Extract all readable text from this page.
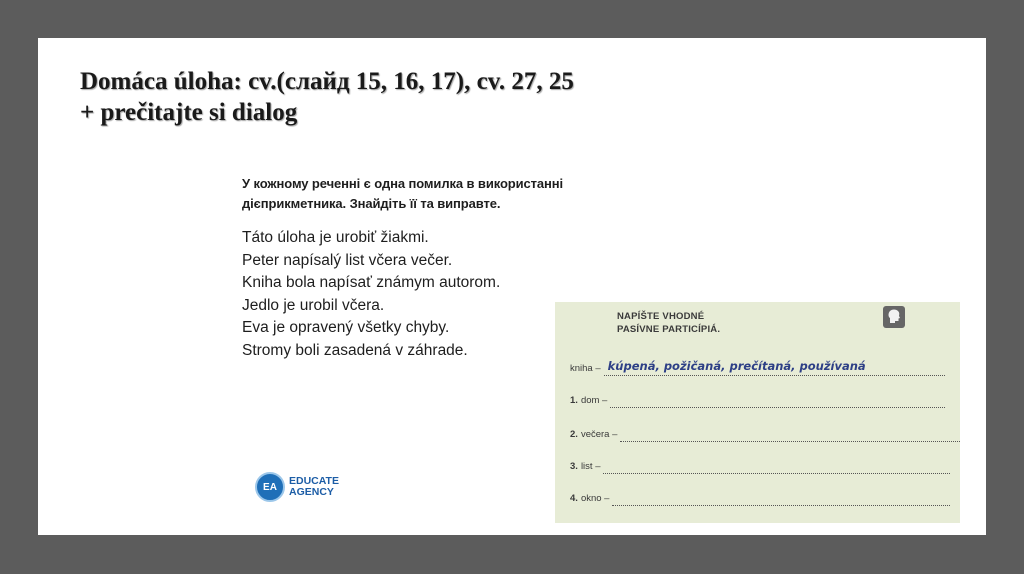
Domáca úloha: cv.(слайд 15, 16, 17), cv. 27, 25
+ prečitajte si dialog

У кожному реченні є одна помилка в використанні
дієприкметника. Знайдіть її та виправте.

Táto úloha je urobiť žiakmi.
Peter napísalý list včera večer.
Kniha bola napísať známym autorom.
Jedlo je urobil včera.
Eva je opravený všetky chyby.
Stromy boli zasadená v záhrade.
EA	EDUCATE
AGENCY
NAPÍŠTE VHODNÉ
PASÍVNE PARTICÍPIÁ.
kniha – kúpená, požičaná, prečítaná, používaná
1. dom –
2. večera –
3. list –
4. okno –
